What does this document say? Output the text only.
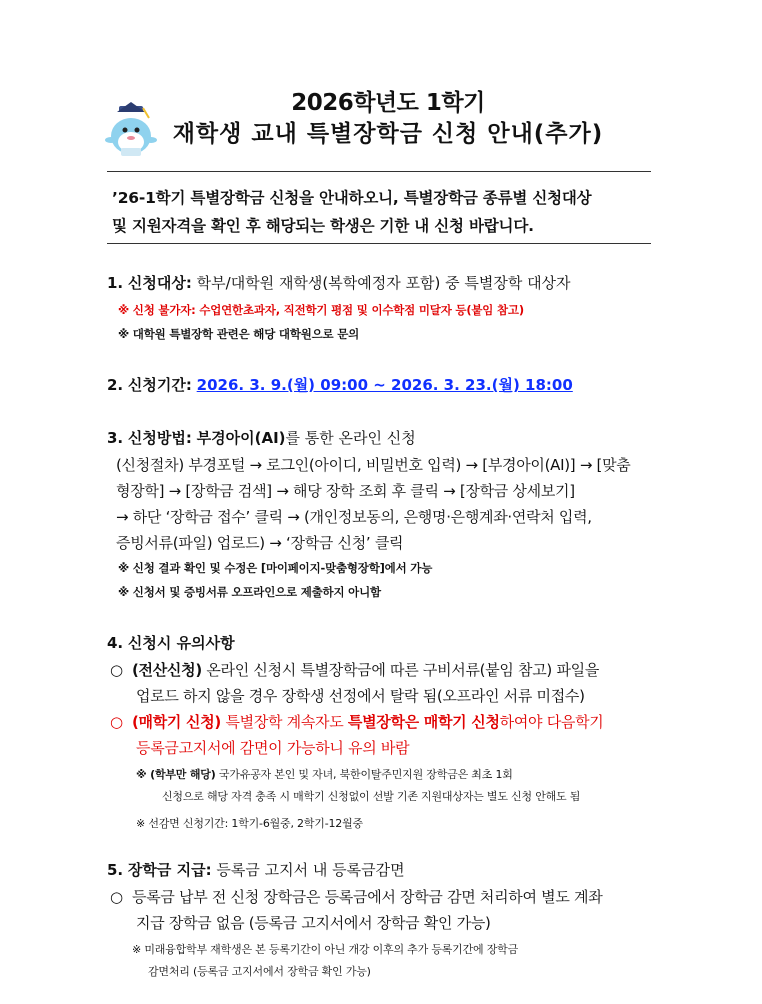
2026학년도 1학기
재학생 교내 특별장학금 신청 안내(추가)
’26-1학기 특별장학금 신청을 안내하오니, 특별장학금 종류별 신청대상
및 지원자격을 확인 후 해당되는 학생은 기한 내 신청 바랍니다.
1. 신청대상: 학부/대학원 재학생(복학예정자 포함) 중 특별장학 대상자
※ 신청 불가자: 수업연한초과자, 직전학기 평점 및 이수학점 미달자 등(붙임 참고)
※ 대학원 특별장학 관련은 해당 대학원으로 문의
2. 신청기간: 2026. 3. 9.(월) 09:00 ~ 2026. 3. 23.(월) 18:00
3. 신청방법: 부경아이(AI)를 통한 온라인 신청
(신청절차) 부경포털 → 로그인(아이디, 비밀번호 입력) → [부경아이(AI)] → [맞춤
형장학] → [장학금 검색] → 해당 장학 조회 후 클릭 → [장학금 상세보기]
→ 하단 ‘장학금 접수’ 클릭 → (개인정보동의, 은행명·은행계좌·연락처 입력,
증빙서류(파일) 업로드) → ‘장학금 신청’ 클릭
※ 신청 결과 확인 및 수정은 [마이페이지-맞춤형장학]에서 가능
※ 신청서 및 증빙서류 오프라인으로 제출하지 아니함
4. 신청시 유의사항
○ (전산신청) 온라인 신청시 특별장학금에 따른 구비서류(붙임 참고) 파일을
업로드 하지 않을 경우 장학생 선정에서 탈락 됨(오프라인 서류 미접수)
○ (매학기 신청) 특별장학 계속자도 특별장학은 매학기 신청하여야 다음학기
등록금고지서에 감면이 가능하니 유의 바람
※ (학부만 해당) 국가유공자 본인 및 자녀, 북한이탈주민지원 장학금은 최초 1회
신청으로 해당 자격 충족 시 매학기 신청없이 선발 기존 지원대상자는 별도 신청 안해도 됨
※ 선감면 신청기간: 1학기-6월중, 2학기-12월중
5. 장학금 지급: 등록금 고지서 내 등록금감면
○ 등록금 납부 전 신청 장학금은 등록금에서 장학금 감면 처리하여 별도 계좌
지급 장학금 없음 (등록금 고지서에서 장학금 확인 가능)
※ 미래융합학부 재학생은 본 등록기간이 아닌 개강 이후의 추가 등록기간에 장학금
감면처리 (등록금 고지서에서 장학금 확인 가능)
